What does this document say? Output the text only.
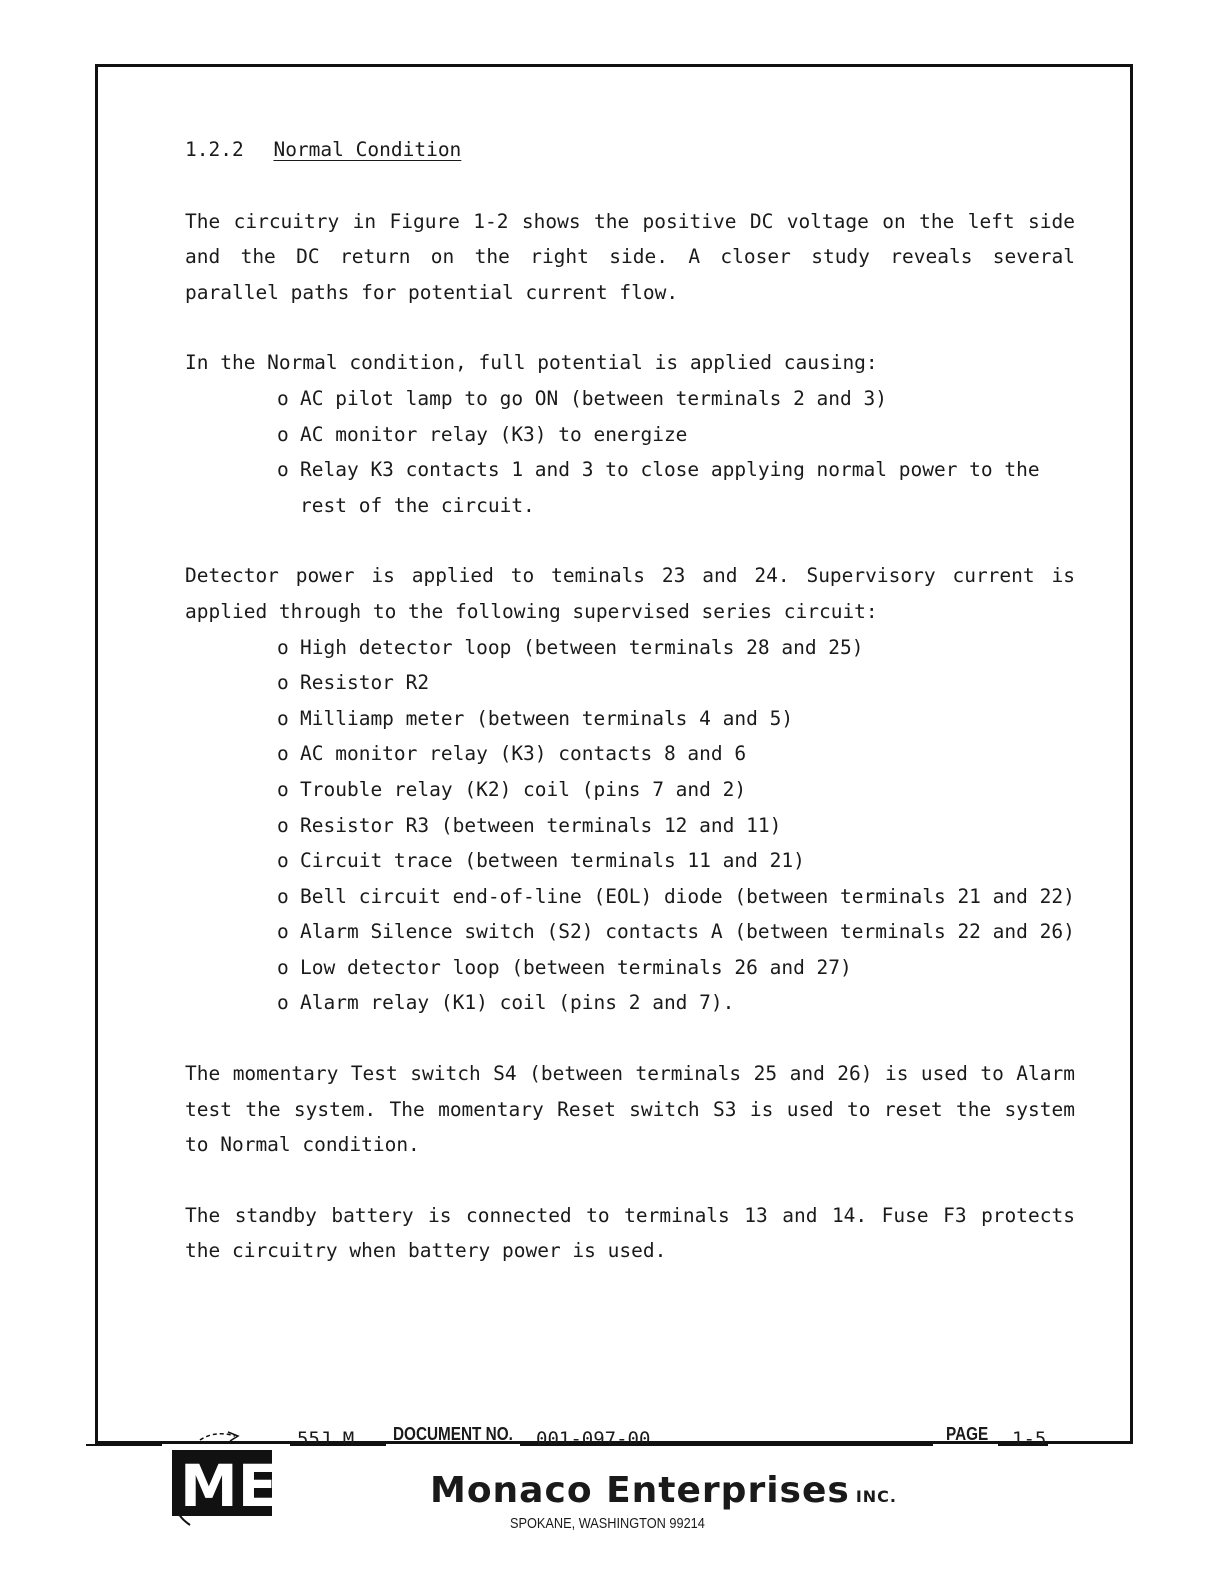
1.2.2 Normal Condition

The circuitry in Figure 1-2 shows the positive DC voltage on the left side and the DC return on the right side. A closer study reveals several parallel paths for potential current flow.

In the Normal condition, full potential is applied causing:

o AC pilot lamp to go ON (between terminals 2 and 3)
o AC monitor relay (K3) to energize
o Relay K3 contacts 1 and 3 to close applying normal power to the rest of the circuit.

Detector power is applied to teminals 23 and 24. Supervisory current is applied through to the following supervised series circuit:

o High detector loop (between terminals 28 and 25)
o Resistor R2
o Milliamp meter (between terminals 4 and 5)
o AC monitor relay (K3) contacts 8 and 6
o Trouble relay (K2) coil (pins 7 and 2)
o Resistor R3 (between terminals 12 and 11)
o Circuit trace (between terminals 11 and 21)
o Bell circuit end-of-line (EOL) diode (between terminals 21 and 22)
o Alarm Silence switch (S2) contacts A (between terminals 22 and 26)
o Low detector loop (between terminals 26 and 27)
o Alarm relay (K1) coil (pins 2 and 7).

The momentary Test switch S4 (between terminals 25 and 26) is used to Alarm test the system. The momentary Reset switch S3 is used to reset the system to Normal condition.

The standby battery is connected to terminals 13 and 14. Fuse F3 protects the circuitry when battery power is used.

55J M DOCUMENT NO. 001-097-00	PAGE 1-5
ME	Monaco Enterprises INC.
SPOKANE, WASHINGTON 99214
